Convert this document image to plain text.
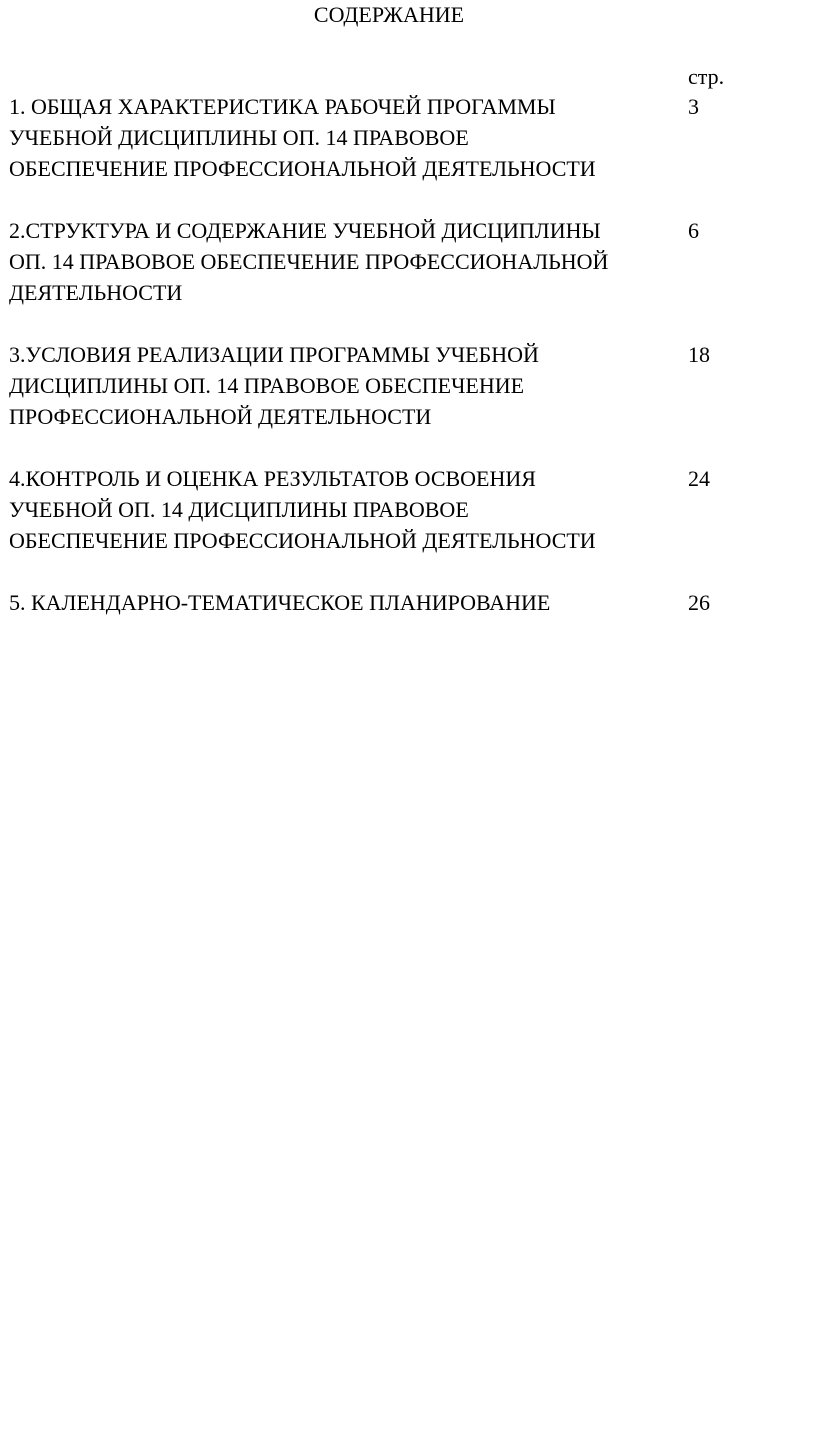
СОДЕРЖАНИЕ
стр.
1. ОБЩАЯ ХАРАКТЕРИСТИКА РАБОЧЕЙ ПРОГАММЫ
УЧЕБНОЙ ДИСЦИПЛИНЫ ОП. 14 ПРАВОВОЕ
ОБЕСПЕЧЕНИЕ ПРОФЕССИОНАЛЬНОЙ ДЕЯТЕЛЬНОСТИ
3
2.СТРУКТУРА И СОДЕРЖАНИЕ УЧЕБНОЙ ДИСЦИПЛИНЫ
ОП. 14 ПРАВОВОЕ ОБЕСПЕЧЕНИЕ ПРОФЕССИОНАЛЬНОЙ
ДЕЯТЕЛЬНОСТИ
6
3.УСЛОВИЯ РЕАЛИЗАЦИИ ПРОГРАММЫ УЧЕБНОЙ
ДИСЦИПЛИНЫ ОП. 14 ПРАВОВОЕ ОБЕСПЕЧЕНИЕ
ПРОФЕССИОНАЛЬНОЙ ДЕЯТЕЛЬНОСТИ
18
4.КОНТРОЛЬ И ОЦЕНКА РЕЗУЛЬТАТОВ ОСВОЕНИЯ
УЧЕБНОЙ ОП. 14 ДИСЦИПЛИНЫ ПРАВОВОЕ
ОБЕСПЕЧЕНИЕ ПРОФЕССИОНАЛЬНОЙ ДЕЯТЕЛЬНОСТИ
24
5. КАЛЕНДАРНО-ТЕМАТИЧЕСКОЕ ПЛАНИРОВАНИЕ	26
